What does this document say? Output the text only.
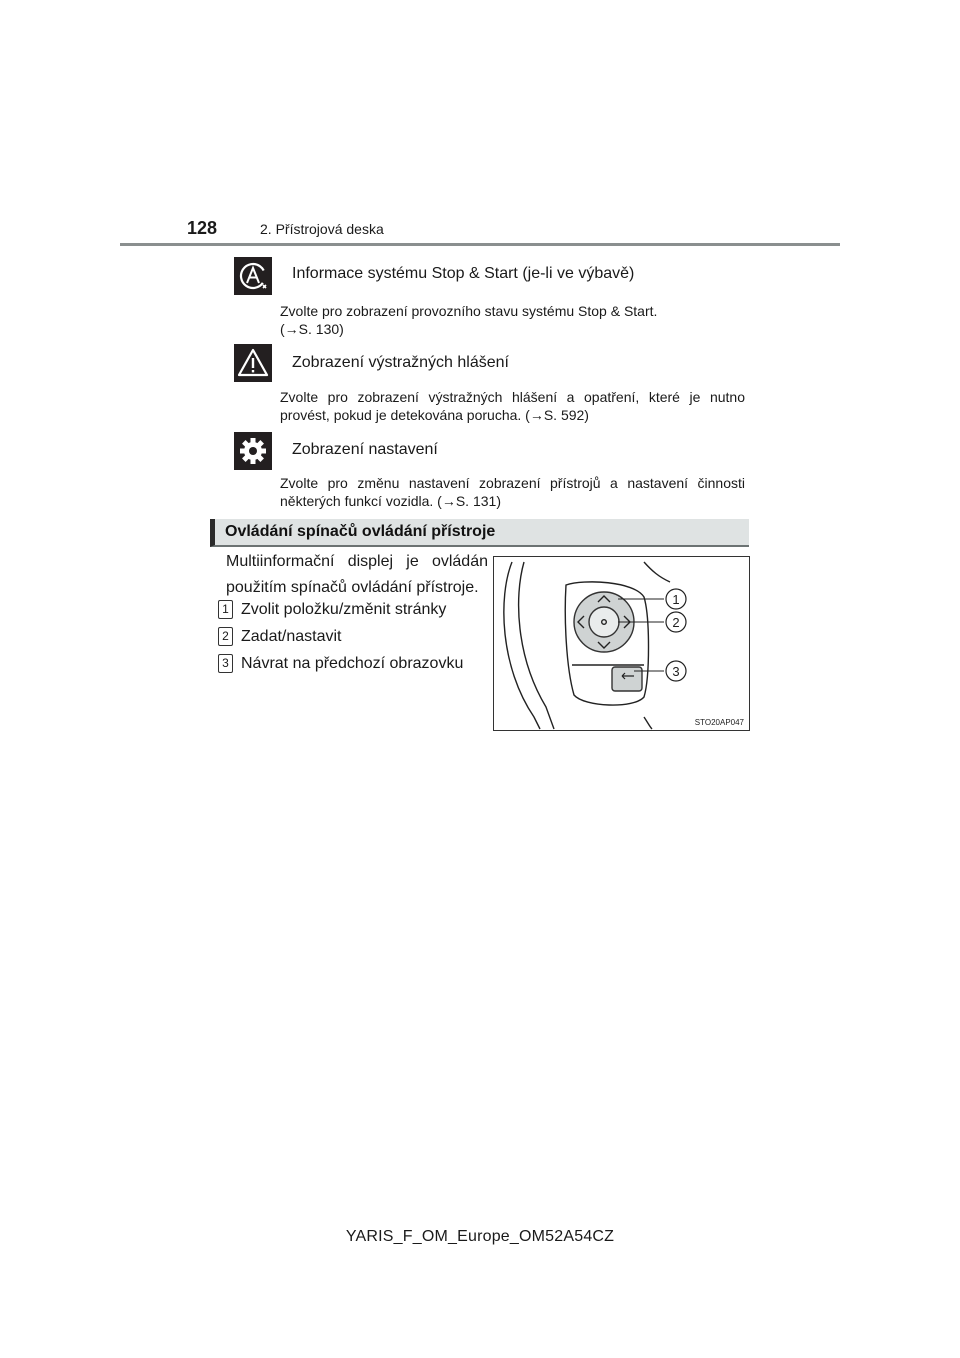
128	2. Přístrojová deska
Informace systému Stop & Start (je-li ve výbavě)
Zvolte pro zobrazení provozního stavu systému Stop & Start.
(→S. 130)
Zobrazení výstražných hlášení
Zvolte pro zobrazení výstražných hlášení a opatření, které je nutno
provést, pokud je detekována porucha. (→S. 592)
Zobrazení nastavení
Zvolte pro změnu nastavení zobrazení přístrojů a nastavení činnosti
některých funkcí vozidla. (→S. 131)
Ovládání spínačů ovládání přístroje
Multiinformační displej je ovládán použitím spínačů ovládání přístroje.
1 Zvolit položku/změnit stránky
2 Zadat/nastavit
3 Návrat na předchozí obrazovku
1
2
3
STO20AP047
YARIS_F_OM_Europe_OM52A54CZ
